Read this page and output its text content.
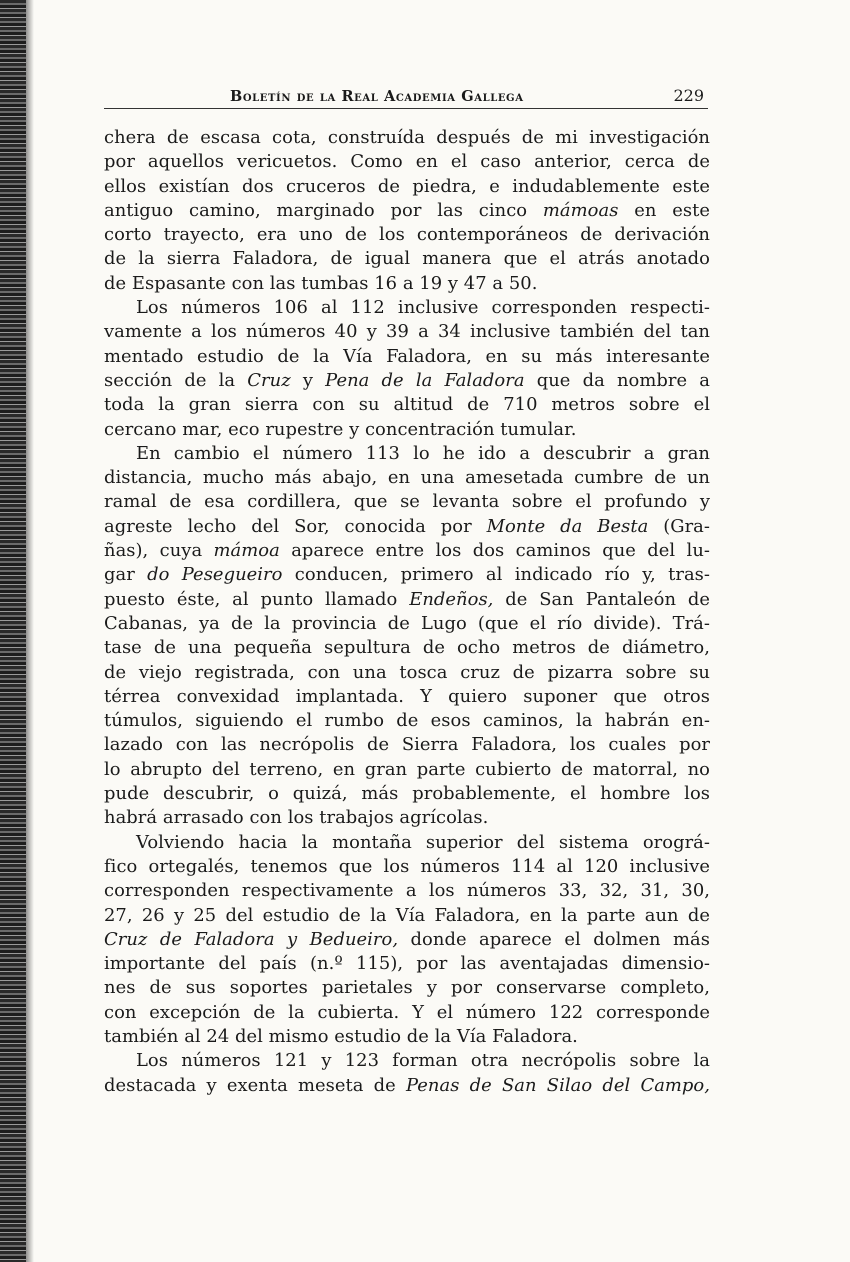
Boletín de la Real Academia Gallega	229
chera de escasa cota, construída después de mi investigación
por aquellos vericuetos. Como en el caso anterior, cerca de
ellos existían dos cruceros de piedra, e indudablemente este
antiguo camino, marginado por las cinco mámoas en este
corto trayecto, era uno de los contemporáneos de derivación
de la sierra Faladora, de igual manera que el atrás anotado
de Espasante con las tumbas 16 a 19 y 47 a 50.
Los números 106 al 112 inclusive corresponden respecti-
vamente a los números 40 y 39 a 34 inclusive también del tan
mentado estudio de la Vía Faladora, en su más interesante
sección de la Cruz y Pena de la Faladora que da nombre a
toda la gran sierra con su altitud de 710 metros sobre el
cercano mar, eco rupestre y concentración tumular.
En cambio el número 113 lo he ido a descubrir a gran
distancia, mucho más abajo, en una amesetada cumbre de un
ramal de esa cordillera, que se levanta sobre el profundo y
agreste lecho del Sor, conocida por Monte da Besta (Gra-
ñas), cuya mámoa aparece entre los dos caminos que del lu-
gar do Pesegueiro conducen, primero al indicado río y, tras-
puesto éste, al punto llamado Endeños, de San Pantaleón de
Cabanas, ya de la provincia de Lugo (que el río divide). Trá-
tase de una pequeña sepultura de ocho metros de diámetro,
de viejo registrada, con una tosca cruz de pizarra sobre su
térrea convexidad implantada. Y quiero suponer que otros
túmulos, siguiendo el rumbo de esos caminos, la habrán en-
lazado con las necrópolis de Sierra Faladora, los cuales por
lo abrupto del terreno, en gran parte cubierto de matorral, no
pude descubrir, o quizá, más probablemente, el hombre los
habrá arrasado con los trabajos agrícolas.
Volviendo hacia la montaña superior del sistema orográ-
fico ortegalés, tenemos que los números 114 al 120 inclusive
corresponden respectivamente a los números 33, 32, 31, 30,
27, 26 y 25 del estudio de la Vía Faladora, en la parte aun de
Cruz de Faladora y Bedueiro, donde aparece el dolmen más
importante del país (n.º 115), por las aventajadas dimensio-
nes de sus soportes parietales y por conservarse completo,
con excepción de la cubierta. Y el número 122 corresponde
también al 24 del mismo estudio de la Vía Faladora.
Los números 121 y 123 forman otra necrópolis sobre la
destacada y exenta meseta de Penas de San Silao del Campo,
